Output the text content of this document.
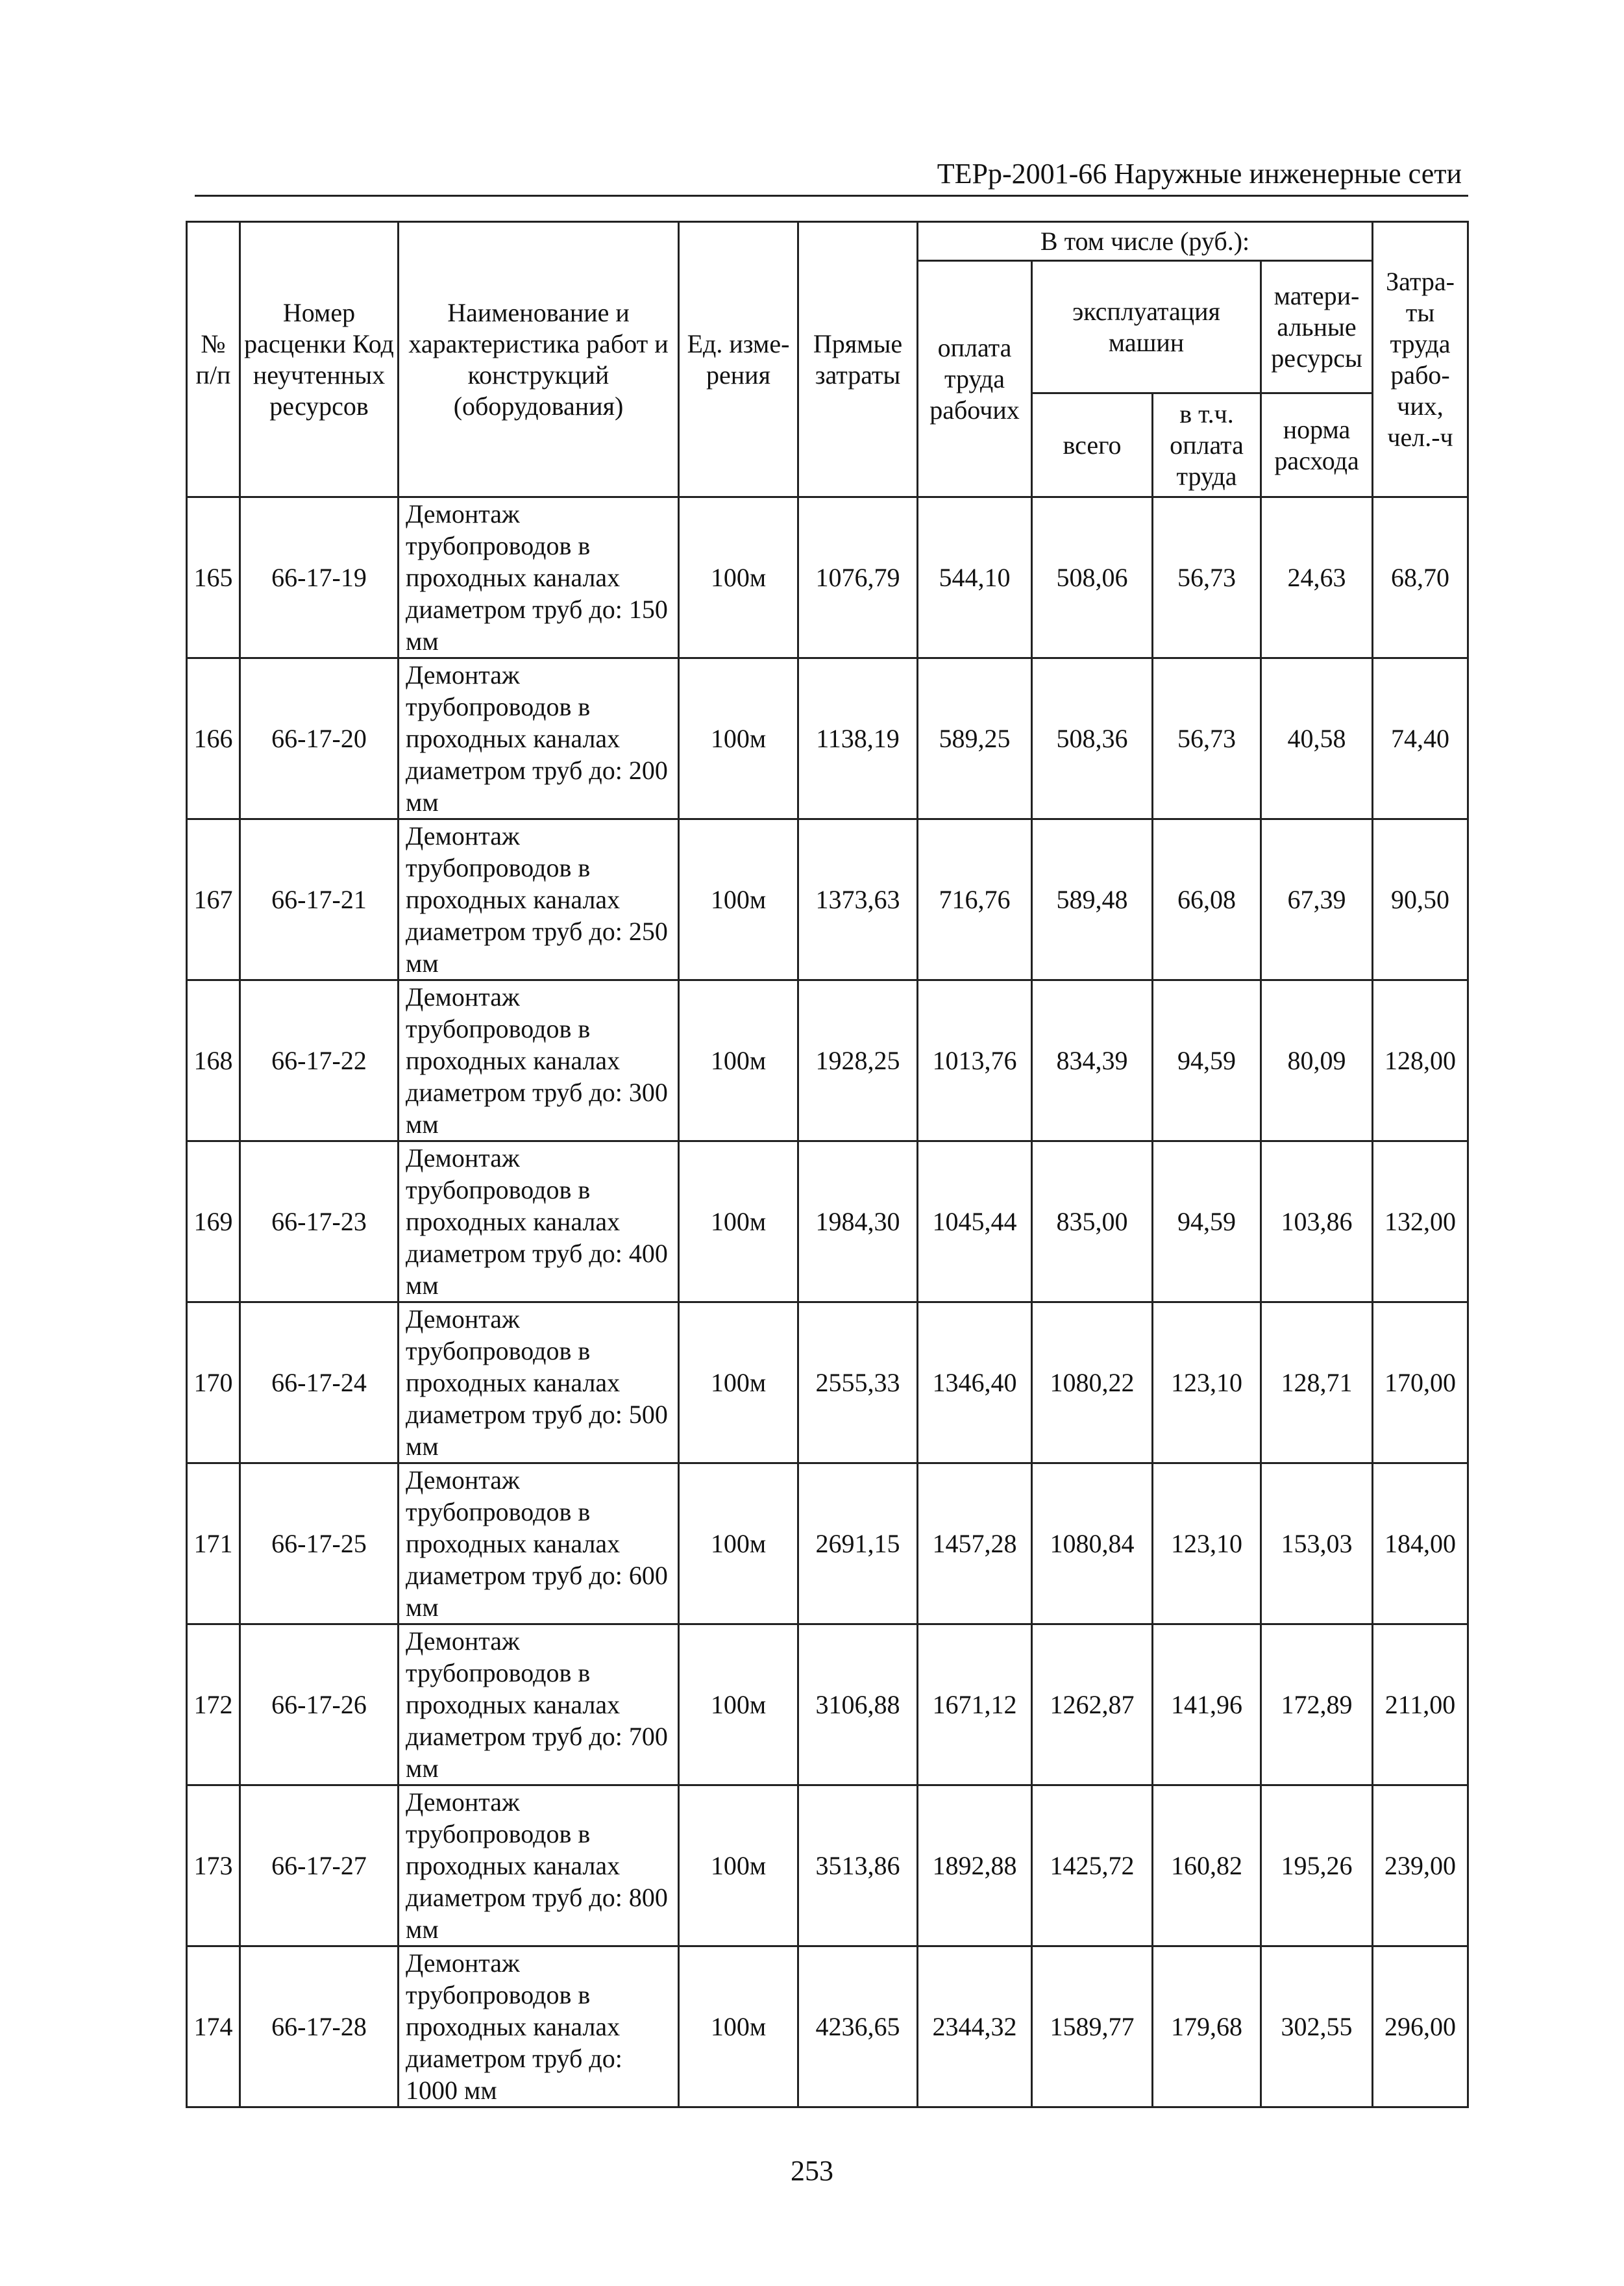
ТЕРр-2001-66 Наружные инженерные сети
№ п/п	Номер расценки Код неучтенных ресурсов	Наименование и характеристика работ и конструкций (оборудования)	Ед. изме- рения	Прямые затраты	В том числе (руб.):				Затра- ты труда рабо- чих, чел.-ч
					оплата труда рабочих	эксплуатация машин		матери- альные ресурсы	
						всего	в т.ч. оплата труда	норма расхода	
165	66-17-19	Демонтаж трубопроводов в проходных каналах диаметром труб до: 150 мм	100м	1076,79	544,10	508,06	56,73	24,63	68,70
166	66-17-20	Демонтаж трубопроводов в проходных каналах диаметром труб до: 200 мм	100м	1138,19	589,25	508,36	56,73	40,58	74,40
167	66-17-21	Демонтаж трубопроводов в проходных каналах диаметром труб до: 250 мм	100м	1373,63	716,76	589,48	66,08	67,39	90,50
168	66-17-22	Демонтаж трубопроводов в проходных каналах диаметром труб до: 300 мм	100м	1928,25	1013,76	834,39	94,59	80,09	128,00
169	66-17-23	Демонтаж трубопроводов в проходных каналах диаметром труб до: 400 мм	100м	1984,30	1045,44	835,00	94,59	103,86	132,00
170	66-17-24	Демонтаж трубопроводов в проходных каналах диаметром труб до: 500 мм	100м	2555,33	1346,40	1080,22	123,10	128,71	170,00
171	66-17-25	Демонтаж трубопроводов в проходных каналах диаметром труб до: 600 мм	100м	2691,15	1457,28	1080,84	123,10	153,03	184,00
172	66-17-26	Демонтаж трубопроводов в проходных каналах диаметром труб до: 700 мм	100м	3106,88	1671,12	1262,87	141,96	172,89	211,00
173	66-17-27	Демонтаж трубопроводов в проходных каналах диаметром труб до: 800 мм	100м	3513,86	1892,88	1425,72	160,82	195,26	239,00
174	66-17-28	Демонтаж трубопроводов в проходных каналах диаметром труб до: 1000 мм	100м	4236,65	2344,32	1589,77	179,68	302,55	296,00
253
